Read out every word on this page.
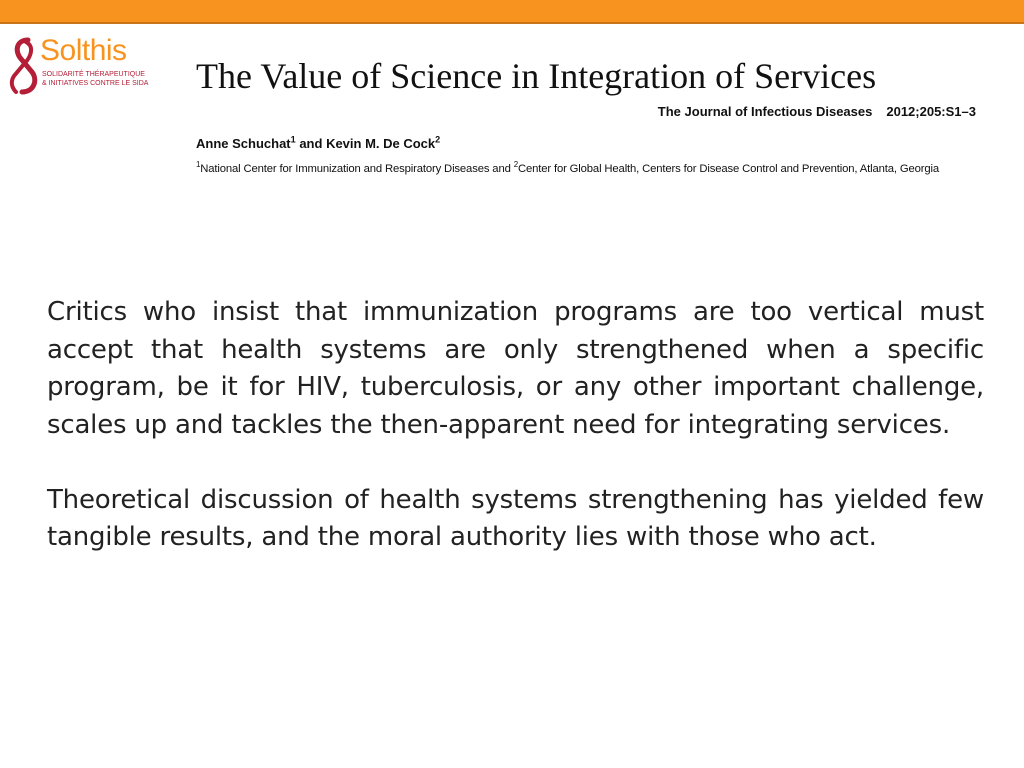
Solthis
SOLIDARITÉ THÉRAPEUTIQUE
& INITIATIVES CONTRE LE SIDA The Value of Science in Integration of Services
The Journal of Infectious Diseases 2012;205:S1–3
Anne Schuchat$^1$ and Kevin M. De Cock$^2$
$^1$National Center for Immunization and Respiratory Diseases and $^2$Center for Global Health, Centers for Disease Control and Prevention, Atlanta, Georgia

Critics who insist that immunization programs are too vertical must accept that health systems are only strengthened when a specific program, be it for HIV, tuberculosis, or any other important challenge, scales up and tackles the then-apparent need for integrating services.

Theoretical discussion of health systems strengthening has yielded few tangible results, and the moral authority lies with those who act.
